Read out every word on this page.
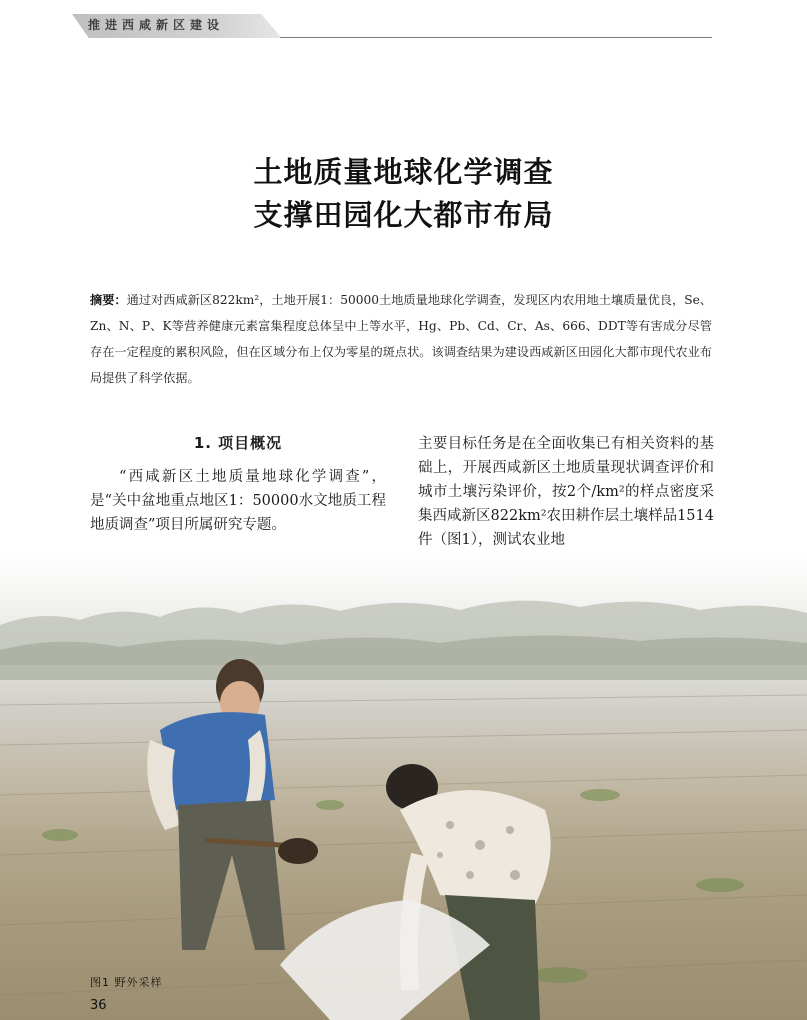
推进西咸新区建设
土地质量地球化学调查
支撑田园化大都市布局
摘要：通过对西咸新区822km²，土地开展1：50000土地质量地球化学调查，发现区内农用地土壤质量优良，Se、Zn、N、P、K等营养健康元素富集程度总体呈中上等水平，Hg、Pb、Cd、Cr、As、666、DDT等有害成分尽管存在一定程度的累积风险，但在区域分布上仅为零星的斑点状。该调查结果为建设西咸新区田园化大都市现代农业布局提供了科学依据。
1. 项目概况

“西咸新区土地质量地球化学调查”，是“关中盆地重点地区1：50000水文地质工程地质调查”项目所属研究专题。

主要目标任务是在全面收集已有相关资料的基础上，开展西咸新区土地质量现状调查评价和城市土壤污染评价，按2个/km²的样点密度采集西咸新区822km²农田耕作层土壤样品1514件（图1），测试农业地

图1 野外采样
36
